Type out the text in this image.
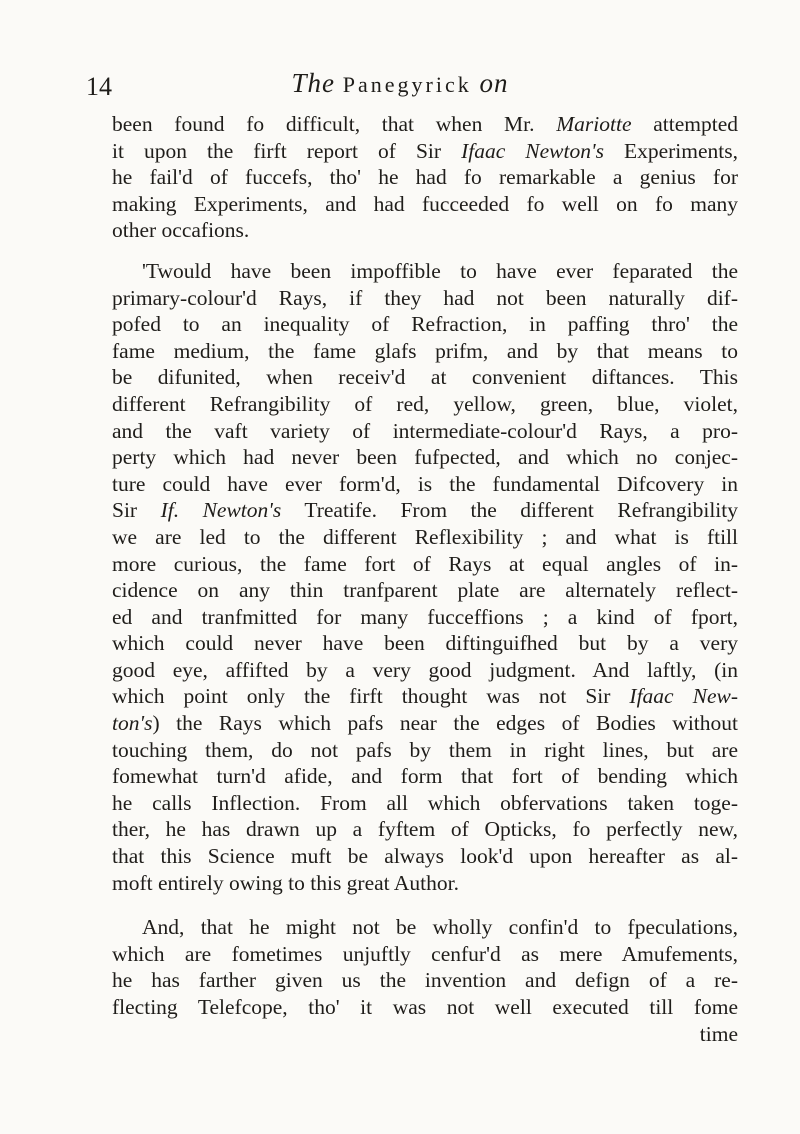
14	The Panegyrick on
been found fo difficult, that when Mr. Mariotte attempted
it upon the firft report of Sir Ifaac Newton's Experiments,
he fail'd of fuccefs, tho' he had fo remarkable a genius for
making Experiments, and had fucceeded fo well on fo many
other occafions.
'Twould have been impoffible to have ever feparated the
primary-colour'd Rays, if they had not been naturally dif-
pofed to an inequality of Refraction, in paffing thro' the
fame medium, the fame glafs prifm, and by that means to
be difunited, when receiv'd at convenient diftances. This
different Refrangibility of red, yellow, green, blue, violet,
and the vaft variety of intermediate-colour'd Rays, a pro-
perty which had never been fufpected, and which no conjec-
ture could have ever form'd, is the fundamental Difcovery in
Sir If. Newton's Treatife. From the different Refrangibility
we are led to the different Reflexibility ; and what is ftill
more curious, the fame fort of Rays at equal angles of in-
cidence on any thin tranfparent plate are alternately reflect-
ed and tranfmitted for many fucceffions ; a kind of fport,
which could never have been diftinguifhed but by a very
good eye, affifted by a very good judgment. And laftly, (in
which point only the firft thought was not Sir Ifaac New-
ton's) the Rays which pafs near the edges of Bodies without
touching them, do not pafs by them in right lines, but are
fomewhat turn'd afide, and form that fort of bending which
he calls Inflection. From all which obfervations taken toge-
ther, he has drawn up a fyftem of Opticks, fo perfectly new,
that this Science muft be always look'd upon hereafter as al-
moft entirely owing to this great Author.
And, that he might not be wholly confin'd to fpeculations,
which are fometimes unjuftly cenfur'd as mere Amufements,
he has farther given us the invention and defign of a re-
flecting Telefcope, tho' it was not well executed till fome
time
